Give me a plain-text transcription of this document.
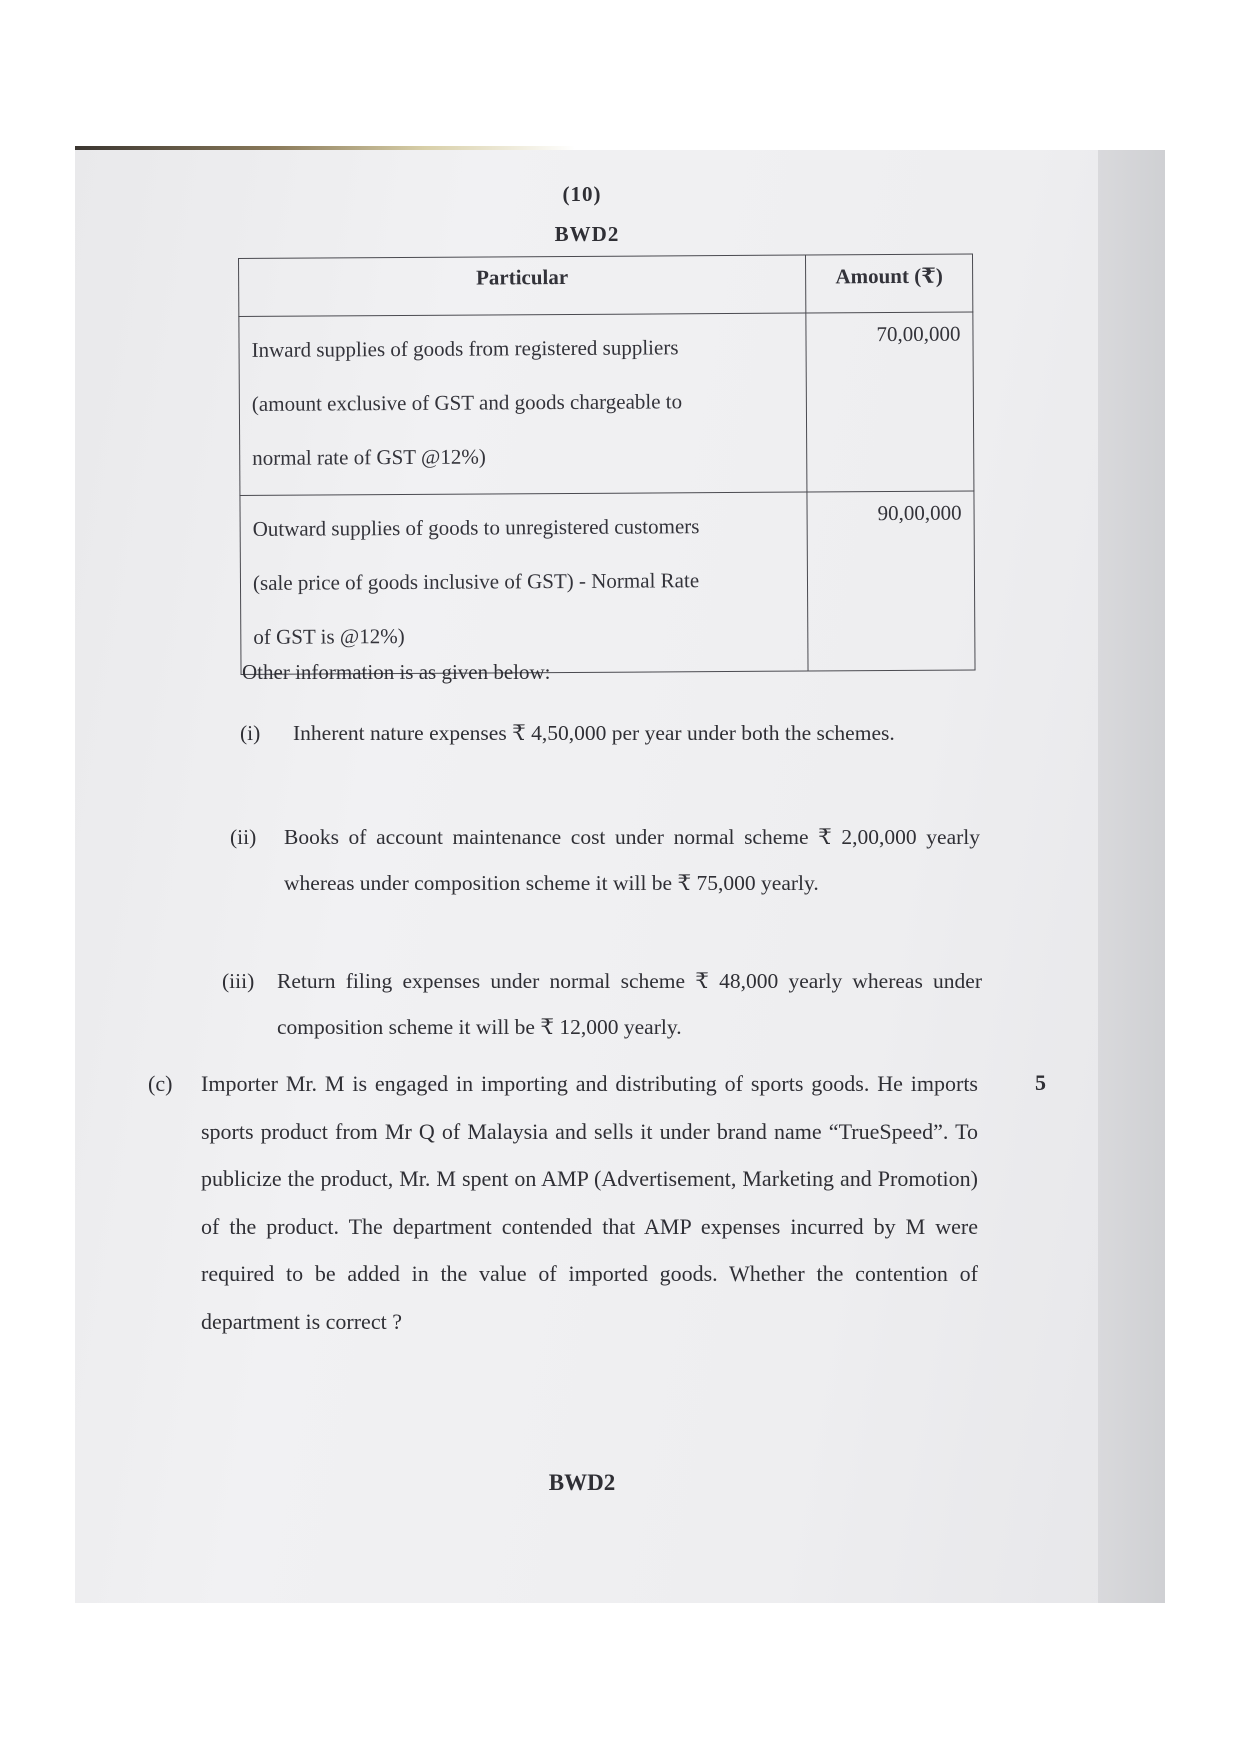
(10)
BWD2
Particular	Amount (₹)

Inward supplies of goods from registered suppliers
(amount exclusive of GST and goods chargeable to
normal rate of GST @12%)	70,00,000

Outward supplies of goods to unregistered customers
(sale price of goods inclusive of GST) - Normal Rate
of GST is @12%)	90,00,000
Other information is as given below:
(i) Inherent nature expenses ₹ 4,50,000 per year under both the schemes.
(ii) Books of account maintenance cost under normal scheme ₹ 2,00,000 yearly whereas under composition scheme it will be ₹ 75,000 yearly.
(iii) Return filing expenses under normal scheme ₹ 48,000 yearly whereas under composition scheme it will be ₹ 12,000 yearly.
(c) Importer Mr. M is engaged in importing and distributing of sports goods. He imports sports product from Mr Q of Malaysia and sells it under brand name “TrueSpeed”. To publicize the product, Mr. M spent on AMP (Advertisement, Marketing and Promotion) of the product. The department contended that AMP expenses incurred by M were required to be added in the value of imported goods. Whether the contention of department is correct ?
5
BWD2
